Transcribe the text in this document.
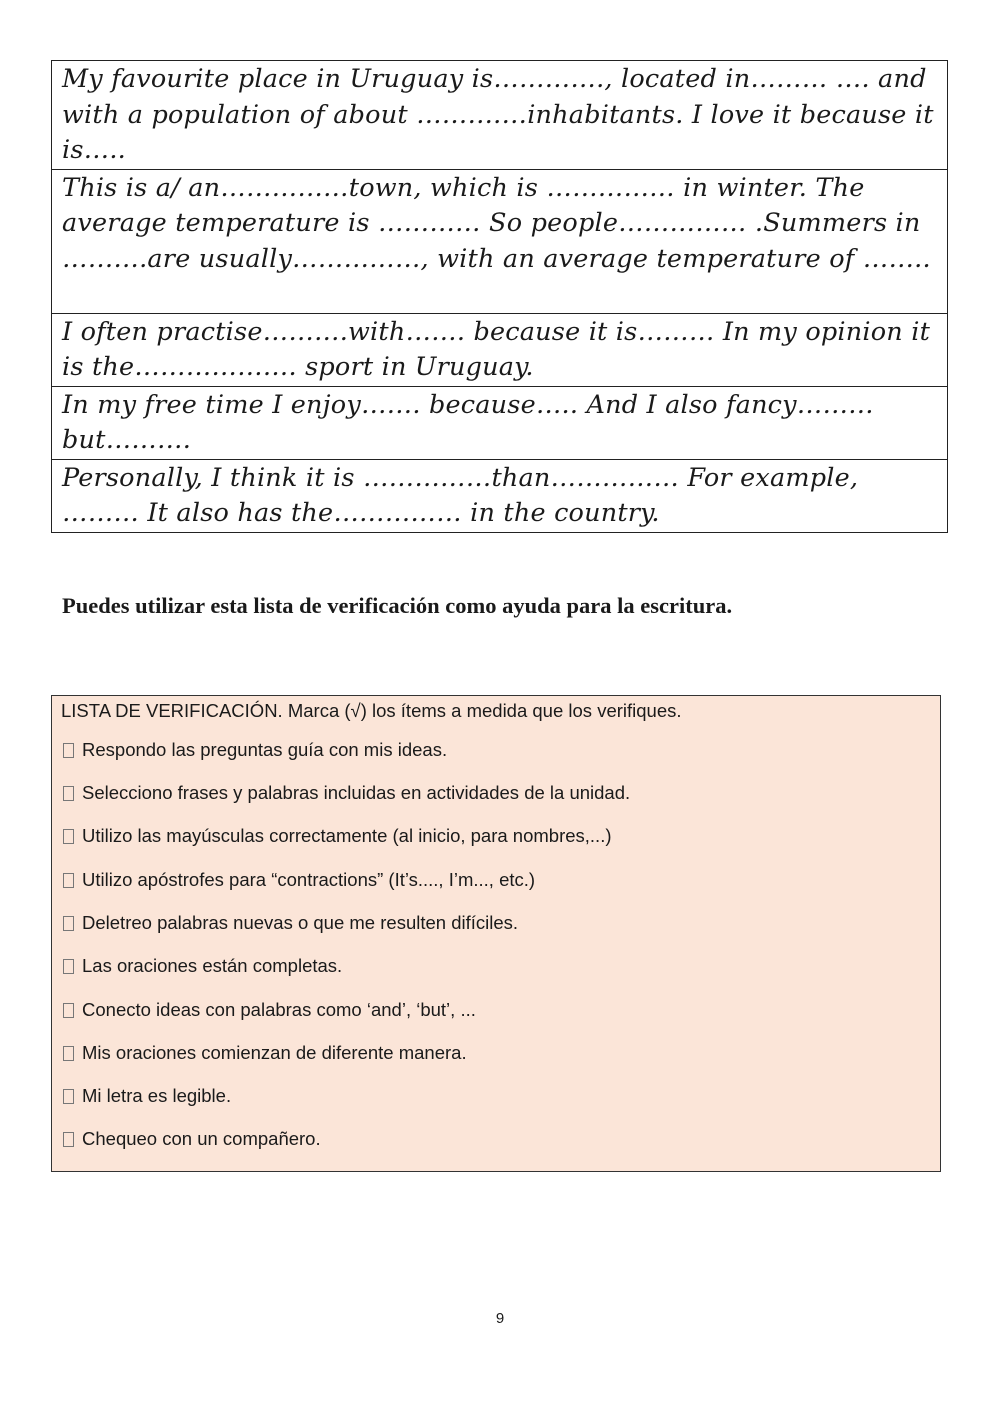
My favourite place in Uruguay is…………., located in……… …. and with a population of about ……….…inhabitants. I love it because it is…..
This is a/ an……………town, which is …………… in winter. The average temperature is ………… So people…………… .Summers in ……….are usually……………, with an average temperature of ……..
I often practise……….with……. because it is……… In my opinion it is the………………. sport in Uruguay.
In my free time I enjoy……. because….. And I also fancy……… but……….
Personally, I think it is ……………than…………… For example, ……… It also has the…………… in the country.

Puedes utilizar esta lista de verificación como ayuda para la escritura.

LISTA DE VERIFICACIÓN. Marca (√) los ítems a medida que los verifiques.

Respondo las preguntas guía con mis ideas.
Selecciono frases y palabras incluidas en actividades de la unidad.
Utilizo las mayúsculas correctamente (al inicio, para nombres,...)
Utilizo apóstrofes para “contractions” (It’s...., I’m..., etc.)
Deletreo palabras nuevas o que me resulten difíciles.
Las oraciones están completas.
Conecto ideas con palabras como ‘and’, ‘but’, ...
Mis oraciones comienzan de diferente manera.
Mi letra es legible.
Chequeo con un compañero.
9
